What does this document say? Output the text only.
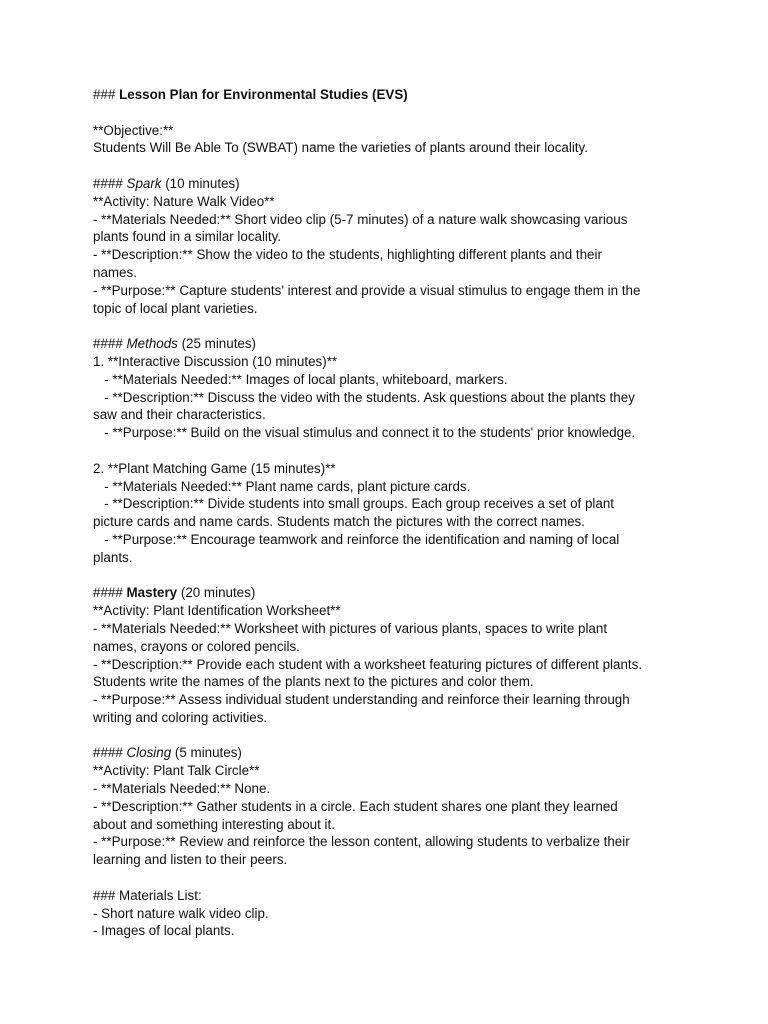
### Lesson Plan for Environmental Studies (EVS)
**Objective:**
Students Will Be Able To (SWBAT) name the varieties of plants around their locality.
#### Spark (10 minutes)
**Activity: Nature Walk Video**
- **Materials Needed:** Short video clip (5-7 minutes) of a nature walk showcasing various
plants found in a similar locality.
- **Description:** Show the video to the students, highlighting different plants and their
names.
- **Purpose:** Capture students' interest and provide a visual stimulus to engage them in the
topic of local plant varieties.
#### Methods (25 minutes)
1. **Interactive Discussion (10 minutes)**
- **Materials Needed:** Images of local plants, whiteboard, markers.
- **Description:** Discuss the video with the students. Ask questions about the plants they
saw and their characteristics.
- **Purpose:** Build on the visual stimulus and connect it to the students' prior knowledge.
2. **Plant Matching Game (15 minutes)**
- **Materials Needed:** Plant name cards, plant picture cards.
- **Description:** Divide students into small groups. Each group receives a set of plant
picture cards and name cards. Students match the pictures with the correct names.
- **Purpose:** Encourage teamwork and reinforce the identification and naming of local
plants.
#### Mastery (20 minutes)
**Activity: Plant Identification Worksheet**
- **Materials Needed:** Worksheet with pictures of various plants, spaces to write plant
names, crayons or colored pencils.
- **Description:** Provide each student with a worksheet featuring pictures of different plants.
Students write the names of the plants next to the pictures and color them.
- **Purpose:** Assess individual student understanding and reinforce their learning through
writing and coloring activities.
#### Closing (5 minutes)
**Activity: Plant Talk Circle**
- **Materials Needed:** None.
- **Description:** Gather students in a circle. Each student shares one plant they learned
about and something interesting about it.
- **Purpose:** Review and reinforce the lesson content, allowing students to verbalize their
learning and listen to their peers.
### Materials List:
- Short nature walk video clip.
- Images of local plants.
